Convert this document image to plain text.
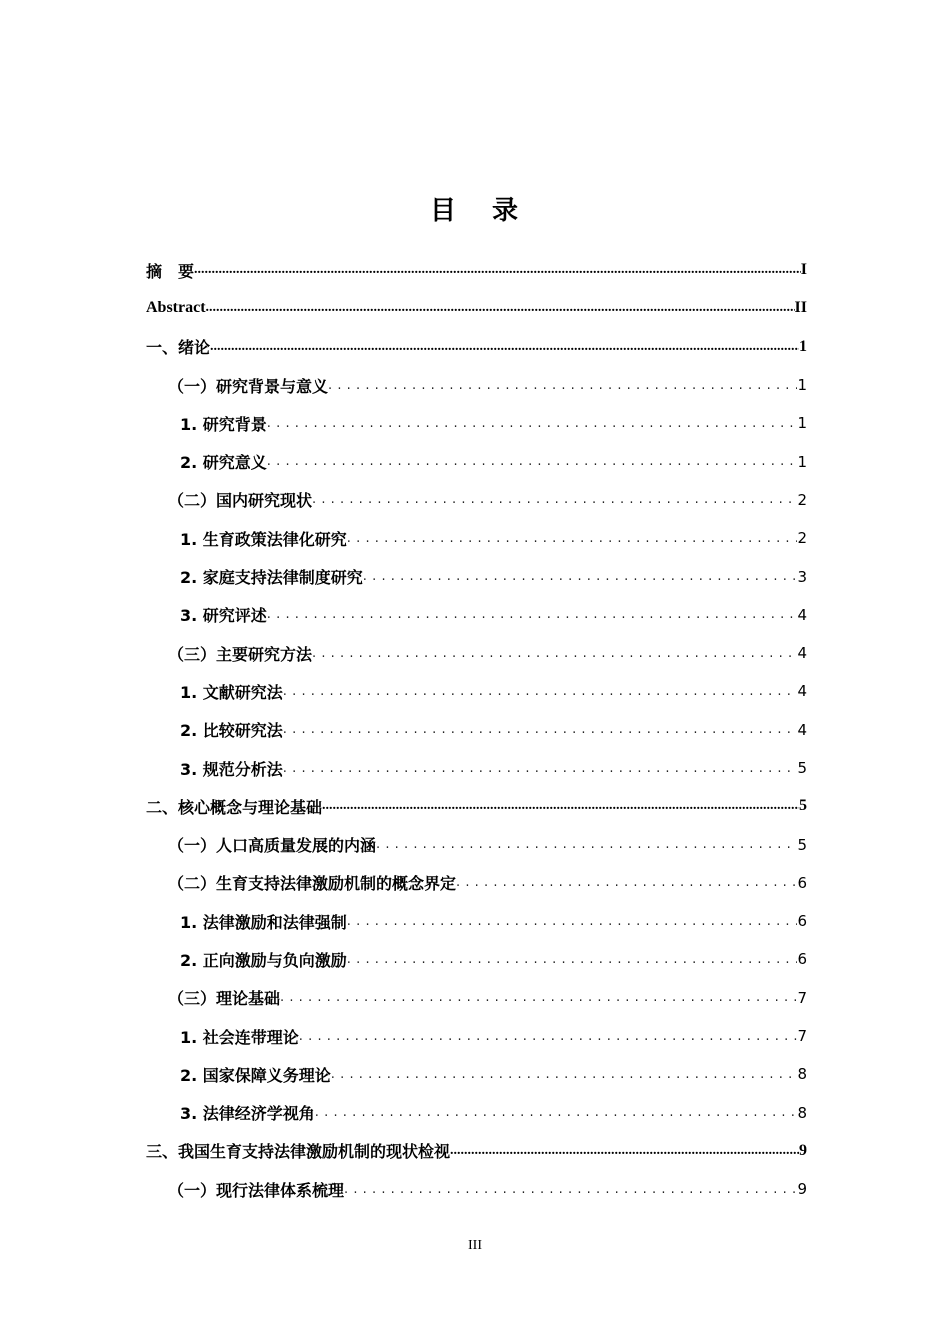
目  录
摘　要 .....	I
Abstract .....	II
一、绪论 .....	1
（一）研究背景与意义 .....	1
1. 研究背景 .....	1
2. 研究意义 .....	1
（二）国内研究现状 .....	2
1. 生育政策法律化研究 .....	2
2. 家庭支持法律制度研究 .....	3
3. 研究评述 .....	4
（三）主要研究方法 .....	4
1. 文献研究法 .....	4
2. 比较研究法 .....	4
3. 规范分析法 .....	5
二、核心概念与理论基础 .....	5
（一）人口高质量发展的内涵 .....	5
（二）生育支持法律激励机制的概念界定 .....	6
1. 法律激励和法律强制 .....	6
2. 正向激励与负向激励 .....	6
（三）理论基础 .....	7
1. 社会连带理论 .....	7
2. 国家保障义务理论 .....	8
3. 法律经济学视角 .....	8
三、我国生育支持法律激励机制的现状检视 .....	9
（一）现行法律体系梳理 .....	9
III
